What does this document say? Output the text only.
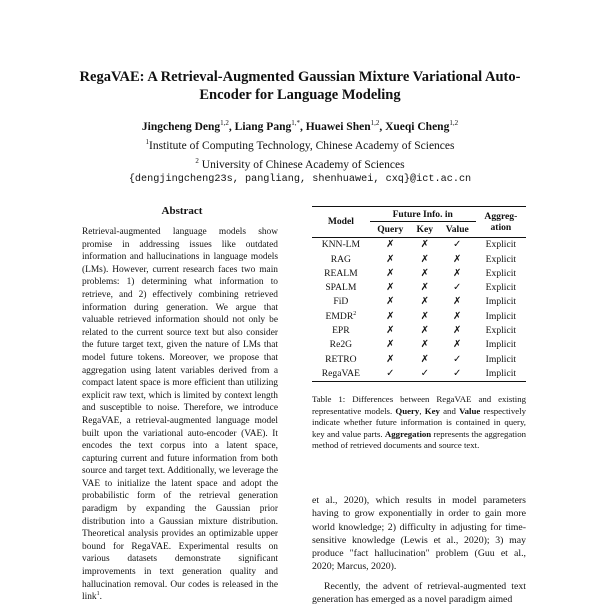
RegaVAE: A Retrieval-Augmented Gaussian Mixture Variational Auto-Encoder for Language Modeling
Jingcheng Deng$^{1,2}$, Liang Pang$^{1,*}$, Huawei Shen$^{1,2}$, Xueqi Cheng$^{1,2}$
$^1$Institute of Computing Technology, Chinese Academy of Sciences
$^2$ University of Chinese Academy of Sciences
{dengjingcheng23s, pangliang, shenhuawei, cxq}@ict.ac.cn
Abstract
Retrieval-augmented language models show promise in addressing issues like outdated information and hallucinations in language models (LMs). However, current research faces two main problems: 1) determining what information to retrieve, and 2) effectively combining retrieved information during generation. We argue that valuable retrieved information should not only be related to the current source text but also consider the future target text, given the nature of LMs that model future tokens. Moreover, we propose that aggregation using latent variables derived from a compact latent space is more efficient than utilizing explicit raw text, which is limited by context length and susceptible to noise. Therefore, we introduce RegaVAE, a retrieval-augmented language model built upon the variational auto-encoder (VAE). It encodes the text corpus into a latent space, capturing current and future information from both source and target text. Additionally, we leverage the VAE to initialize the latent space and adopt the probabilistic form of the retrieval generation paradigm by expanding the Gaussian prior distribution into a Gaussian mixture distribution. Theoretical analysis provides an optimizable upper bound for RegaVAE. Experimental results on various datasets demonstrate significant improvements in text generation quality and hallucination removal. Our codes is released in the link$^1$.
Model	Future Info. in			Aggreg-
ation
	Query	Key	Value	
KNN-LM	✗	✗	✓	Explicit
RAG	✗	✗	✗	Explicit
REALM	✗	✗	✗	Explicit
SPALM	✗	✗	✓	Explicit
FiD	✗	✗	✗	Implicit
EMDR$^2$	✗	✗	✗	Implicit
EPR	✗	✗	✗	Explicit
Re2G	✗	✗	✗	Implicit
RETRO	✗	✗	✓	Implicit
RegaVAE	✓	✓	✓	Implicit
Table 1: Differences between RegaVAE and existing representative models. Query, Key and Value respectively indicate whether future information is contained in query, key and value parts. Aggregation represents the aggregation method of retrieved documents and source text.

et al., 2020), which results in model parameters having to grow exponentially in order to gain more world knowledge; 2) difficulty in adjusting for time-sensitive knowledge (Lewis et al., 2020); 3) may produce "fact hallucination" problem (Guu et al., 2020; Marcus, 2020).

Recently, the advent of retrieval-augmented text generation has emerged as a novel paradigm aimed
